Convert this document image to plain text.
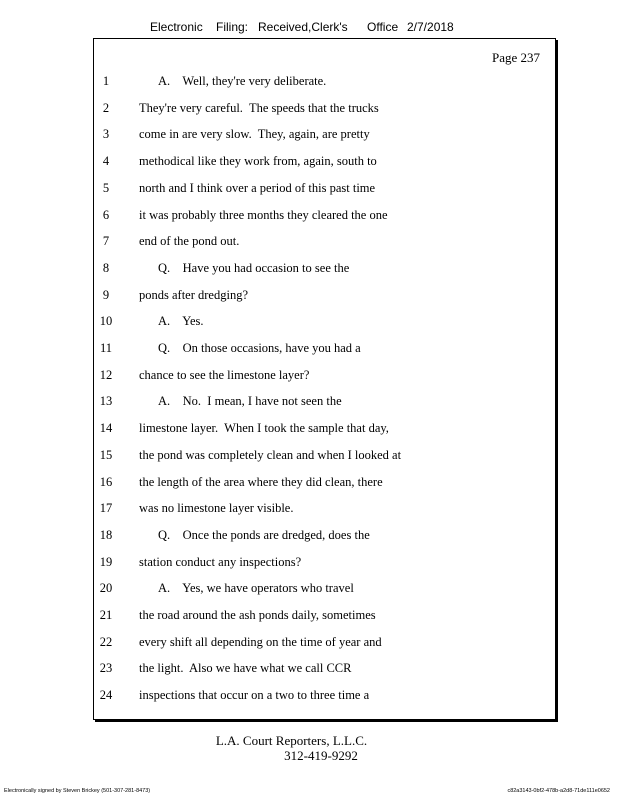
Electronic Filing: Received,Clerk's Office 2/7/2018
Page 237
1	A.    Well, they're very deliberate.
2	They're very careful.  The speeds that the trucks
3	come in are very slow.  They, again, are pretty
4	methodical like they work from, again, south to
5	north and I think over a period of this past time
6	it was probably three months they cleared the one
7	end of the pond out.
8	Q.    Have you had occasion to see the
9	ponds after dredging?
10	A.    Yes.
11	Q.    On those occasions, have you had a
12	chance to see the limestone layer?
13	A.    No.  I mean, I have not seen the
14	limestone layer.  When I took the sample that day,
15	the pond was completely clean and when I looked at
16	the length of the area where they did clean, there
17	was no limestone layer visible.
18	Q.    Once the ponds are dredged, does the
19	station conduct any inspections?
20	A.    Yes, we have operators who travel
21	the road around the ash ponds daily, sometimes
22	every shift all depending on the time of year and
23	the light.  Also we have what we call CCR
24	inspections that occur on a two to three time a
L.A. Court Reporters, L.L.C.
312-419-9292
Electronically signed by Steven Brickey (501-307-281-8473)	c82a3143-0bf2-478b-a2d8-71de111e0652
